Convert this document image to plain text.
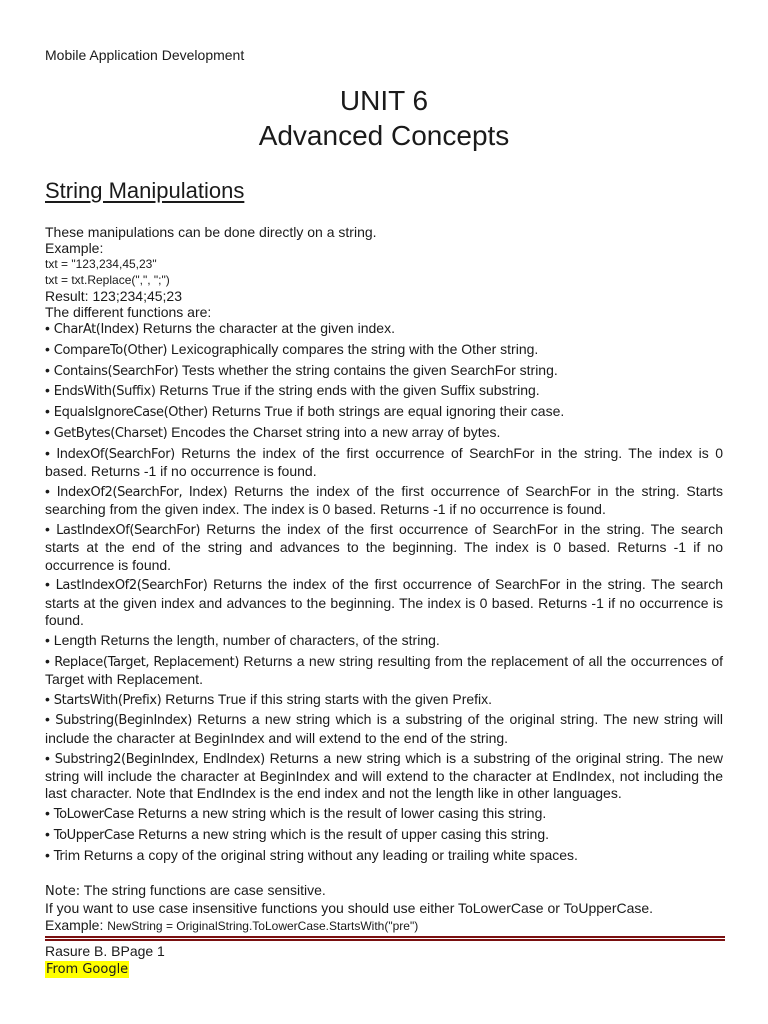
Mobile Application Development
UNIT 6
Advanced Concepts
String Manipulations

These manipulations can be done directly on a string.

Example:

txt = "123,234,45,23"

txt = txt.Replace(",", ";")

Result: 123;234;45;23

The different functions are:

• CharAt(Index) Returns the character at the given index.

• CompareTo(Other) Lexicographically compares the string with the Other string.

• Contains(SearchFor) Tests whether the string contains the given SearchFor string.

• EndsWith(Suffix) Returns True if the string ends with the given Suffix substring.

• EqualsIgnoreCase(Other) Returns True if both strings are equal ignoring their case.

• GetBytes(Charset) Encodes the Charset string into a new array of bytes.

• IndexOf(SearchFor) Returns the index of the first occurrence of SearchFor in the string. The index is 0 based. Returns -1 if no occurrence is found.

• IndexOf2(SearchFor, Index) Returns the index of the first occurrence of SearchFor in the string. Starts searching from the given index. The index is 0 based. Returns -1 if no occurrence is found.

• LastIndexOf(SearchFor) Returns the index of the first occurrence of SearchFor in the string. The search starts at the end of the string and advances to the beginning. The index is 0 based. Returns -1 if no occurrence is found.

• LastIndexOf2(SearchFor) Returns the index of the first occurrence of SearchFor in the string. The search starts at the given index and advances to the beginning. The index is 0 based. Returns -1 if no occurrence is found.

• Length Returns the length, number of characters, of the string.

• Replace(Target, Replacement) Returns a new string resulting from the replacement of all the occurrences of Target with Replacement.

• StartsWith(Prefix) Returns True if this string starts with the given Prefix.

• Substring(BeginIndex) Returns a new string which is a substring of the original string. The new string will include the character at BeginIndex and will extend to the end of the string.

• Substring2(BeginIndex, EndIndex) Returns a new string which is a substring of the original string. The new string will include the character at BeginIndex and will extend to the character at EndIndex, not including the last character. Note that EndIndex is the end index and not the length like in other languages.

• ToLowerCase Returns a new string which is the result of lower casing this string.

• ToUpperCase Returns a new string which is the result of upper casing this string.

• Trim Returns a copy of the original string without any leading or trailing white spaces.

Note: The string functions are case sensitive.

If you want to use case insensitive functions you should use either ToLowerCase or ToUpperCase.

Example: NewString = OriginalString.ToLowerCase.StartsWith("pre")

Rasure B. BPage 1
From Google
